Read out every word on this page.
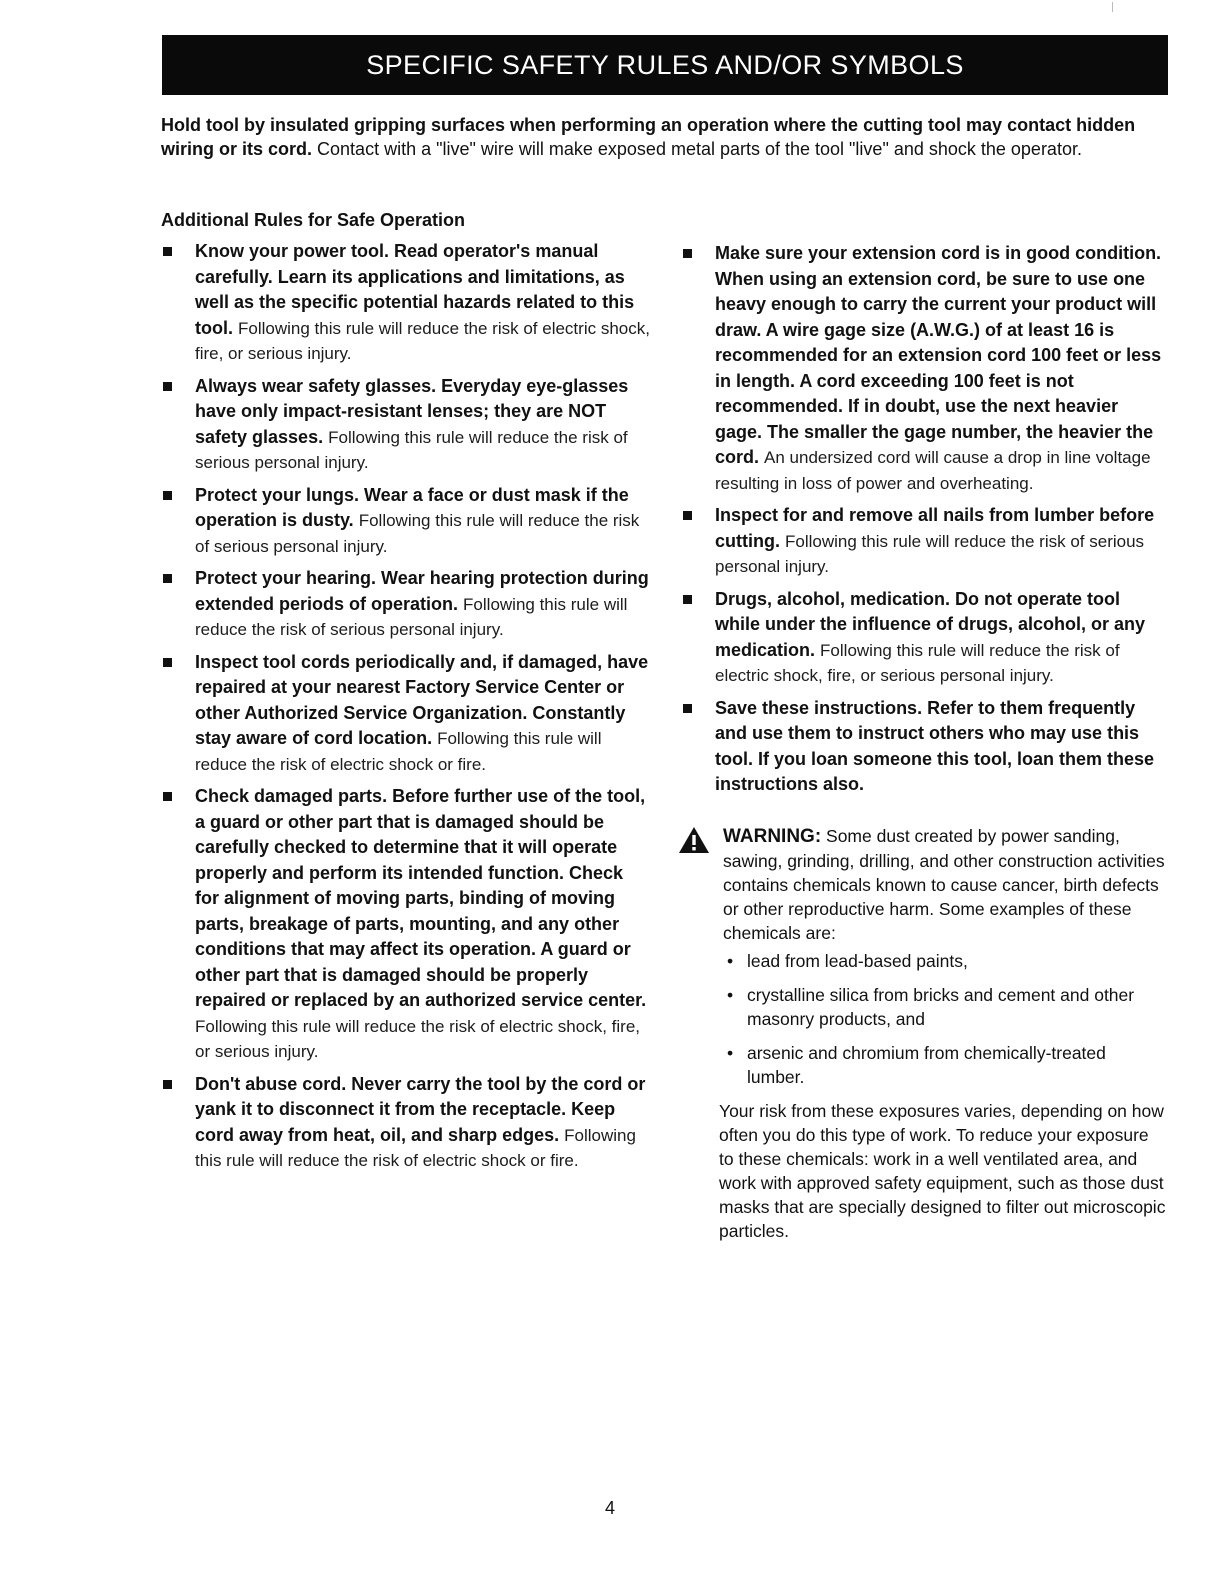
SPECIFIC SAFETY RULES AND/OR SYMBOLS
Hold tool by insulated gripping surfaces when performing an operation where the cutting tool may contact hidden wiring or its cord. Contact with a "live" wire will make exposed metal parts of the tool "live" and shock the operator.
Additional Rules for Safe Operation
Know your power tool. Read operator's manual carefully. Learn its applications and limitations, as well as the specific potential hazards related to this tool. Following this rule will reduce the risk of electric shock, fire, or serious injury.
Always wear safety glasses. Everyday eye-glasses have only impact-resistant lenses; they are NOT safety glasses. Following this rule will reduce the risk of serious personal injury.
Protect your lungs. Wear a face or dust mask if the operation is dusty. Following this rule will reduce the risk of serious personal injury.
Protect your hearing. Wear hearing protection during extended periods of operation. Following this rule will reduce the risk of serious personal injury.
Inspect tool cords periodically and, if damaged, have repaired at your nearest Factory Service Center or other Authorized Service Organization. Constantly stay aware of cord location. Following this rule will reduce the risk of electric shock or fire.
Check damaged parts. Before further use of the tool, a guard or other part that is damaged should be carefully checked to determine that it will operate properly and perform its intended function. Check for alignment of moving parts, binding of moving parts, breakage of parts, mounting, and any other conditions that may affect its operation. A guard or other part that is damaged should be properly repaired or replaced by an authorized service center. Following this rule will reduce the risk of electric shock, fire, or serious injury.
Don't abuse cord. Never carry the tool by the cord or yank it to disconnect it from the receptacle. Keep cord away from heat, oil, and sharp edges. Following this rule will reduce the risk of electric shock or fire.
Make sure your extension cord is in good condition. When using an extension cord, be sure to use one heavy enough to carry the current your product will draw. A wire gage size (A.W.G.) of at least 16 is recommended for an extension cord 100 feet or less in length. A cord exceeding 100 feet is not recommended. If in doubt, use the next heavier gage. The smaller the gage number, the heavier the cord. An undersized cord will cause a drop in line voltage resulting in loss of power and overheating.
Inspect for and remove all nails from lumber before cutting. Following this rule will reduce the risk of serious personal injury.
Drugs, alcohol, medication. Do not operate tool while under the influence of drugs, alcohol, or any medication. Following this rule will reduce the risk of electric shock, fire, or serious personal injury.
Save these instructions. Refer to them frequently and use them to instruct others who may use this tool. If you loan someone this tool, loan them these instructions also.
WARNING: Some dust created by power sanding, sawing, grinding, drilling, and other construction activities contains chemicals known to cause cancer, birth defects or other reproductive harm. Some examples of these chemicals are:
• lead from lead-based paints,
• crystalline silica from bricks and cement and other masonry products, and
• arsenic and chromium from chemically-treated lumber.
Your risk from these exposures varies, depending on how often you do this type of work. To reduce your exposure to these chemicals: work in a well ventilated area, and work with approved safety equipment, such as those dust masks that are specially designed to filter out microscopic particles.
4
